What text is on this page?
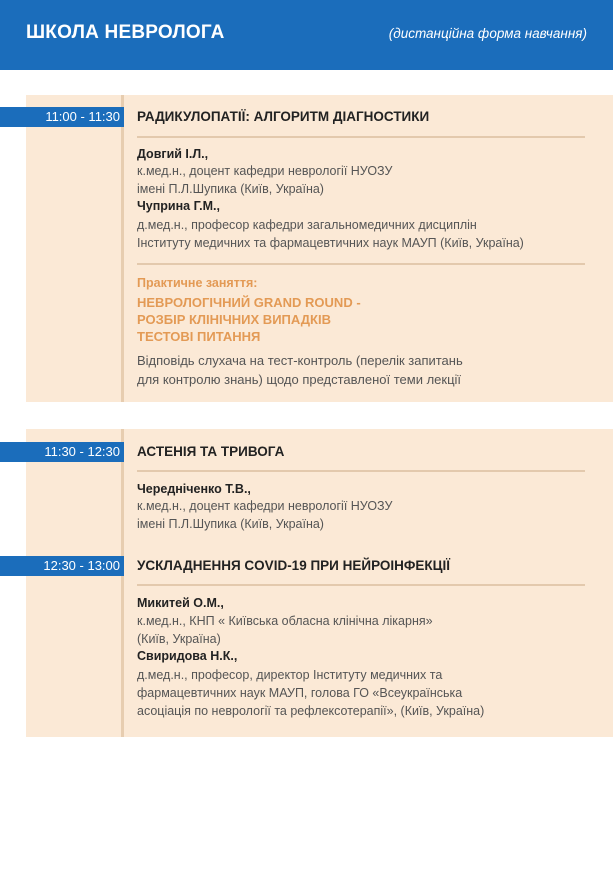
ШКОЛА НЕВРОЛОГА	(дистанційна форма навчання)
11:00 - 11:30 РАДИКУЛОПАТІЇ: АЛГОРИТМ ДІАГНОСТИКИ
Довгий І.Л.,
к.мед.н., доцент кафедри неврології НУОЗУ
імені П.Л.Шупика (Київ, Україна)
Чуприна Г.М.,
д.мед.н., професор кафедри загальномедичних дисциплін
Інституту медичних та фармацевтичних наук МАУП (Київ, Україна)
Практичне заняття:
НЕВРОЛОГІЧНИЙ GRAND ROUND -
РОЗБІР КЛІНІЧНИХ ВИПАДКІВ
ТЕСТОВІ ПИТАННЯ
Відповідь слухача на тест-контроль (перелік запитань
для контролю знань) щодо представленої теми лекції
11:30 - 12:30 АСТЕНІЯ ТА ТРИВОГА
Чередніченко Т.В.,
к.мед.н., доцент кафедри неврології НУОЗУ
імені П.Л.Шупика (Київ, Україна)
12:30 - 13:00 УСКЛАДНЕННЯ COVID-19 ПРИ НЕЙРОІНФЕКЦІЇ
Микитей О.М.,
к.мед.н., КНП « Київська обласна клінічна лікарня»
(Київ, Україна)
Свиридова Н.К.,
д.мед.н., професор, директор Інституту медичних та
фармацевтичних наук МАУП, голова ГО «Всеукраїнська
асоціація по неврології та рефлексотерапії», (Київ, Україна)
